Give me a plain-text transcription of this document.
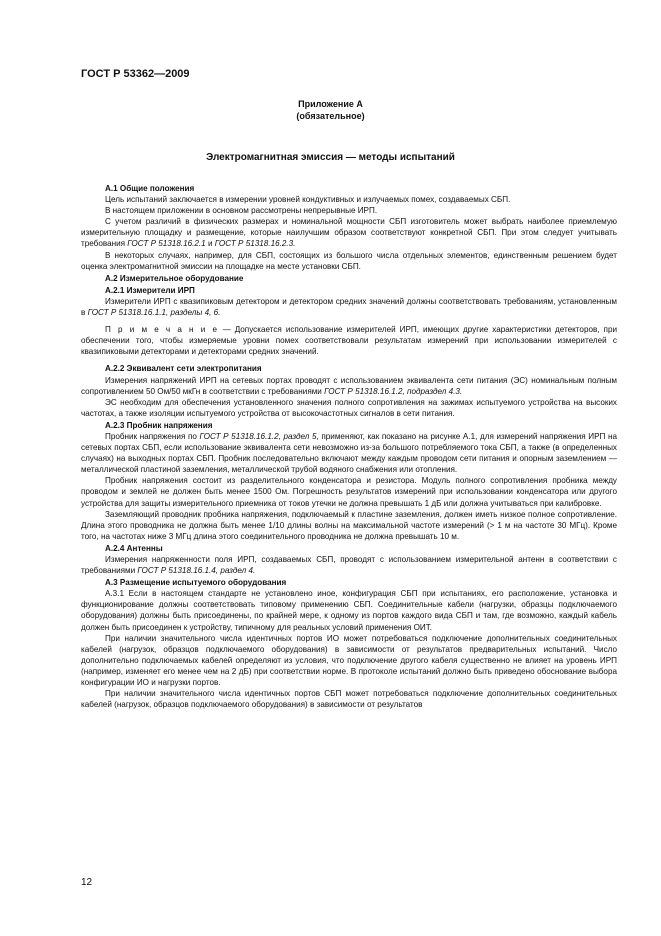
ГОСТ Р 53362—2009
Приложение А
(обязательное)
Электромагнитная эмиссия — методы испытаний

А.1 Общие положения

Цель испытаний заключается в измерении уровней кондуктивных и излучаемых помех, создаваемых СБП.

В настоящем приложении в основном рассмотрены непрерывные ИРП.

С учетом различий в физических размерах и номинальной мощности СБП изготовитель может выбрать наиболее приемлемую измерительную площадку и размещение, которые наилучшим образом соответствуют конкретной СБП. При этом следует учитывать требования ГОСТ Р 51318.16.2.1 и ГОСТ Р 51318.16.2.3.

В некоторых случаях, например, для СБП, состоящих из большого числа отдельных элементов, единственным решением будет оценка электромагнитной эмиссии на площадке на месте установки СБП.

А.2 Измерительное оборудование

А.2.1 Измерители ИРП

Измерители ИРП с квазипиковым детектором и детектором средних значений должны соответствовать требованиям, установленным в ГОСТ Р 51318.16.1.1, разделы 4, 6.

П р и м е ч а н и е — Допускается использование измерителей ИРП, имеющих другие характеристики детекторов, при обеспечении того, чтобы измеряемые уровни помех соответствовали результатам измерений при использовании измерителей с квазипиковыми детекторами и детекторами средних значений.

А.2.2 Эквивалент сети электропитания

Измерения напряжений ИРП на сетевых портах проводят с использованием эквивалента сети питания (ЭС) номинальным полным сопротивлением 50 Ом/50 мкГн в соответствии с требованиями ГОСТ Р 51318.16.1.2, подраздел 4.3.

ЭС необходим для обеспечения установленного значения полного сопротивления на зажимах испытуемого устройства на высоких частотах, а также изоляции испытуемого устройства от высокочастотных сигналов в сети питания.

А.2.3 Пробник напряжения

Пробник напряжения по ГОСТ Р 51318.16.1.2, раздел 5, применяют, как показано на рисунке А.1, для измерений напряжения ИРП на сетевых портах СБП, если использование эквивалента сети невозможно из-за большого потребляемого тока СБП, а также (в определенных случаях) на выходных портах СБП. Пробник последовательно включают между каждым проводом сети питания и опорным заземлением — металлической пластиной заземления, металлической трубой водяного снабжения или отопления.

Пробник напряжения состоит из разделительного конденсатора и резистора. Модуль полного сопротивления пробника между проводом и землей не должен быть менее 1500 Ом. Погрешность результатов измерений при использовании конденсатора или другого устройства для защиты измерительного приемника от токов утечки не должна превышать 1 дБ или должна учитываться при калибровке.

Заземляющий проводник пробника напряжения, подключаемый к пластине заземления, должен иметь низкое полное сопротивление. Длина этого проводника не должна быть менее 1/10 длины волны на максимальной частоте измерений (> 1 м на частоте 30 МГц). Кроме того, на частотах ниже 3 МГц длина этого соединительного проводника не должна превышать 10 м.

А.2.4 Антенны

Измерения напряженности поля ИРП, создаваемых СБП, проводят с использованием измерительной антенн в соответствии с требованиями ГОСТ Р 51318.16.1.4, раздел 4.

А.3 Размещение испытуемого оборудования

А.3.1 Если в настоящем стандарте не установлено иное, конфигурация СБП при испытаниях, его расположение, установка и функционирование должны соответствовать типовому применению СБП. Соединительные кабели (нагрузки, образцы подключаемого оборудования) должны быть присоединены, по крайней мере, к одному из портов каждого вида СБП и там, где возможно, каждый кабель должен быть присоединен к устройству, типичному для реальных условий применения ОИТ.

При наличии значительного числа идентичных портов ИО может потребоваться подключение дополнительных соединительных кабелей (нагрузок, образцов подключаемого оборудования) в зависимости от результатов предварительных испытаний. Число дополнительно подключаемых кабелей определяют из условия, что подключение другого кабеля существенно не влияет на уровень ИРП (например, изменяет его менее чем на 2 дБ) при соответствии норме. В протоколе испытаний должно быть приведено обоснование выбора конфигурации ИО и нагрузки портов.

При наличии значительного числа идентичных портов СБП может потребоваться подключение дополнительных соединительных кабелей (нагрузок, образцов подключаемого оборудования) в зависимости от результатов

12
